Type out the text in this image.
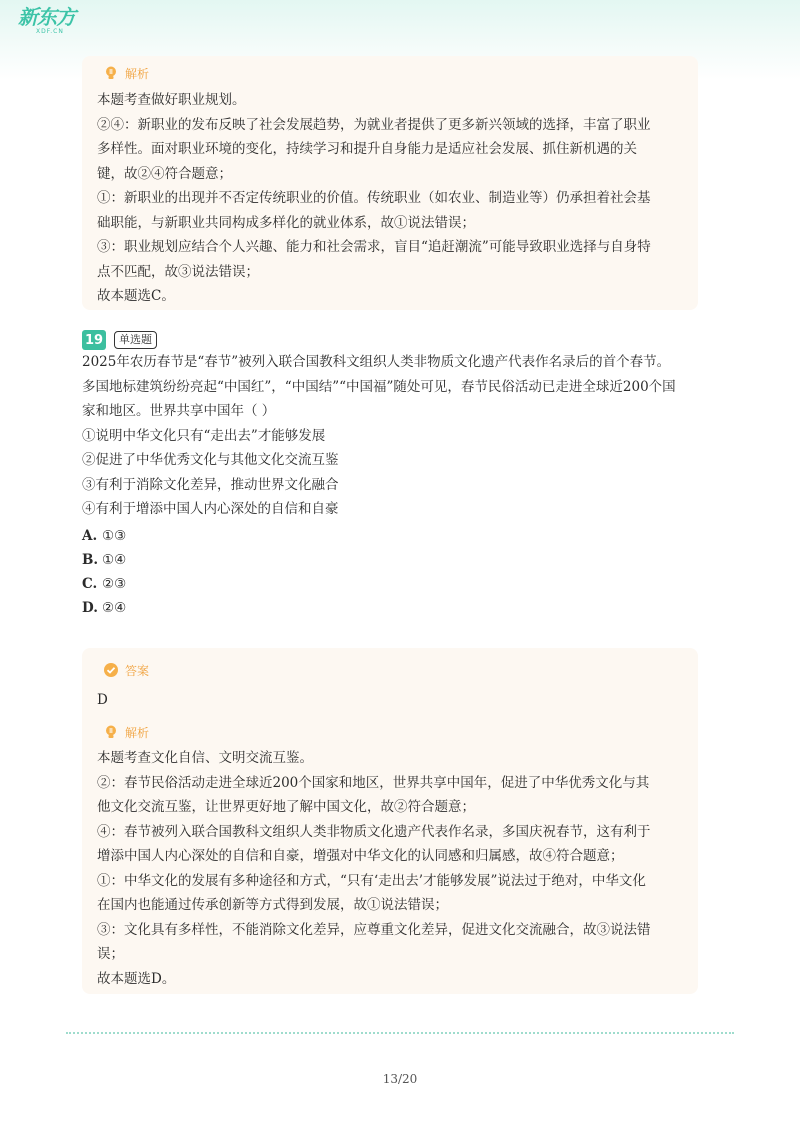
新东方
XDF.CN
解析

本题考查做好职业规划。

②④：新职业的发布反映了社会发展趋势，为就业者提供了更多新兴领域的选择，丰富了职业

多样性。面对职业环境的变化，持续学习和提升自身能力是适应社会发展、抓住新机遇的关

键，故②④符合题意；

①：新职业的出现并不否定传统职业的价值。传统职业（如农业、制造业等）仍承担着社会基

础职能，与新职业共同构成多样化的就业体系，故①说法错误；

③：职业规划应结合个人兴趣、能力和社会需求，盲目“追赶潮流”可能导致职业选择与自身特

点不匹配，故③说法错误；

故本题选C。

19	单选题

2025年农历春节是“春节”被列入联合国教科文组织人类非物质文化遗产代表作名录后的首个春节。

多国地标建筑纷纷亮起“中国红”，“中国结”“中国福”随处可见，春节民俗活动已走进全球近200个国

家和地区。世界共享中国年（ ）

①说明中华文化只有“走出去”才能够发展

②促进了中华优秀文化与其他文化交流互鉴

③有利于消除文化差异，推动世界文化融合

④有利于增添中国人内心深处的自信和自豪

A. ①③
B. ①④
C. ②③
D. ②④
答案
D
解析

本题考查文化自信、文明交流互鉴。

②：春节民俗活动走进全球近200个国家和地区，世界共享中国年，促进了中华优秀文化与其

他文化交流互鉴，让世界更好地了解中国文化，故②符合题意；

④：春节被列入联合国教科文组织人类非物质文化遗产代表作名录，多国庆祝春节，这有利于

增添中国人内心深处的自信和自豪，增强对中华文化的认同感和归属感，故④符合题意；

①：中华文化的发展有多种途径和方式，“只有‘走出去’才能够发展”说法过于绝对，中华文化

在国内也能通过传承创新等方式得到发展，故①说法错误；

③：文化具有多样性，不能消除文化差异，应尊重文化差异，促进文化交流融合，故③说法错

误；

故本题选D。

13/20
